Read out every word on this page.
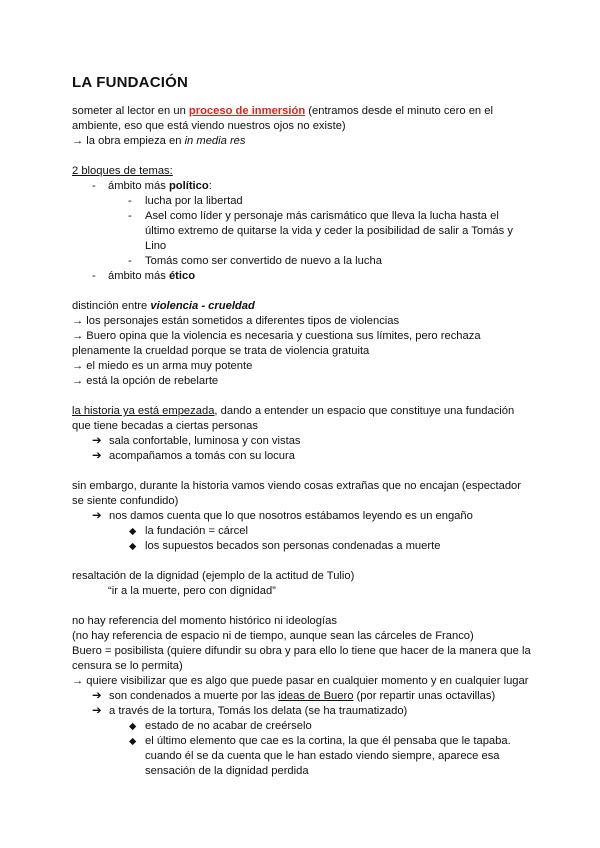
LA FUNDACIÓN
someter al lector en un proceso de inmersión (entramos desde el minuto cero en el
ambiente, eso que está viendo nuestros ojos no existe)
→ la obra empieza en in media res
2 bloques de temas:
- ámbito más político:
- lucha por la libertad
- Asel como líder y personaje más carismático que lleva la lucha hasta el
último extremo de quitarse la vida y ceder la posibilidad de salir a Tomás y
Lino
- Tomás como ser convertido de nuevo a la lucha
- ámbito más ético
distinción entre violencia - crueldad
→ los personajes están sometidos a diferentes tipos de violencias
→ Buero opina que la violencia es necesaria y cuestiona sus límites, pero rechaza
plenamente la crueldad porque se trata de violencia gratuita
→ el miedo es un arma muy potente
→ está la opción de rebelarte
la historia ya está empezada, dando a entender un espacio que constituye una fundación
que tiene becadas a ciertas personas
➔ sala confortable, luminosa y con vistas
➔ acompañamos a tomás con su locura
sin embargo, durante la historia vamos viendo cosas extrañas que no encajan (espectador
se siente confundido)
➔ nos damos cuenta que lo que nosotros estábamos leyendo es un engaño
◆ la fundación = cárcel
◆ los supuestos becados son personas condenadas a muerte
resaltación de la dignidad (ejemplo de la actitud de Tulio)
“ir a la muerte, pero con dignidad”
no hay referencia del momento histórico ni ideologías
(no hay referencia de espacio ni de tiempo, aunque sean las cárceles de Franco)
Buero = posibilista (quiere difundir su obra y para ello lo tiene que hacer de la manera que la
censura se lo permita)
→ quiere visibilizar que es algo que puede pasar en cualquier momento y en cualquier lugar
➔ son condenados a muerte por las ideas de Buero (por repartir unas octavillas)
➔ a través de la tortura, Tomás los delata (se ha traumatizado)
◆ estado de no acabar de creérselo
◆ el último elemento que cae es la cortina, la que él pensaba que le tapaba.
cuando él se da cuenta que le han estado viendo siempre, aparece esa
sensación de la dignidad perdida
